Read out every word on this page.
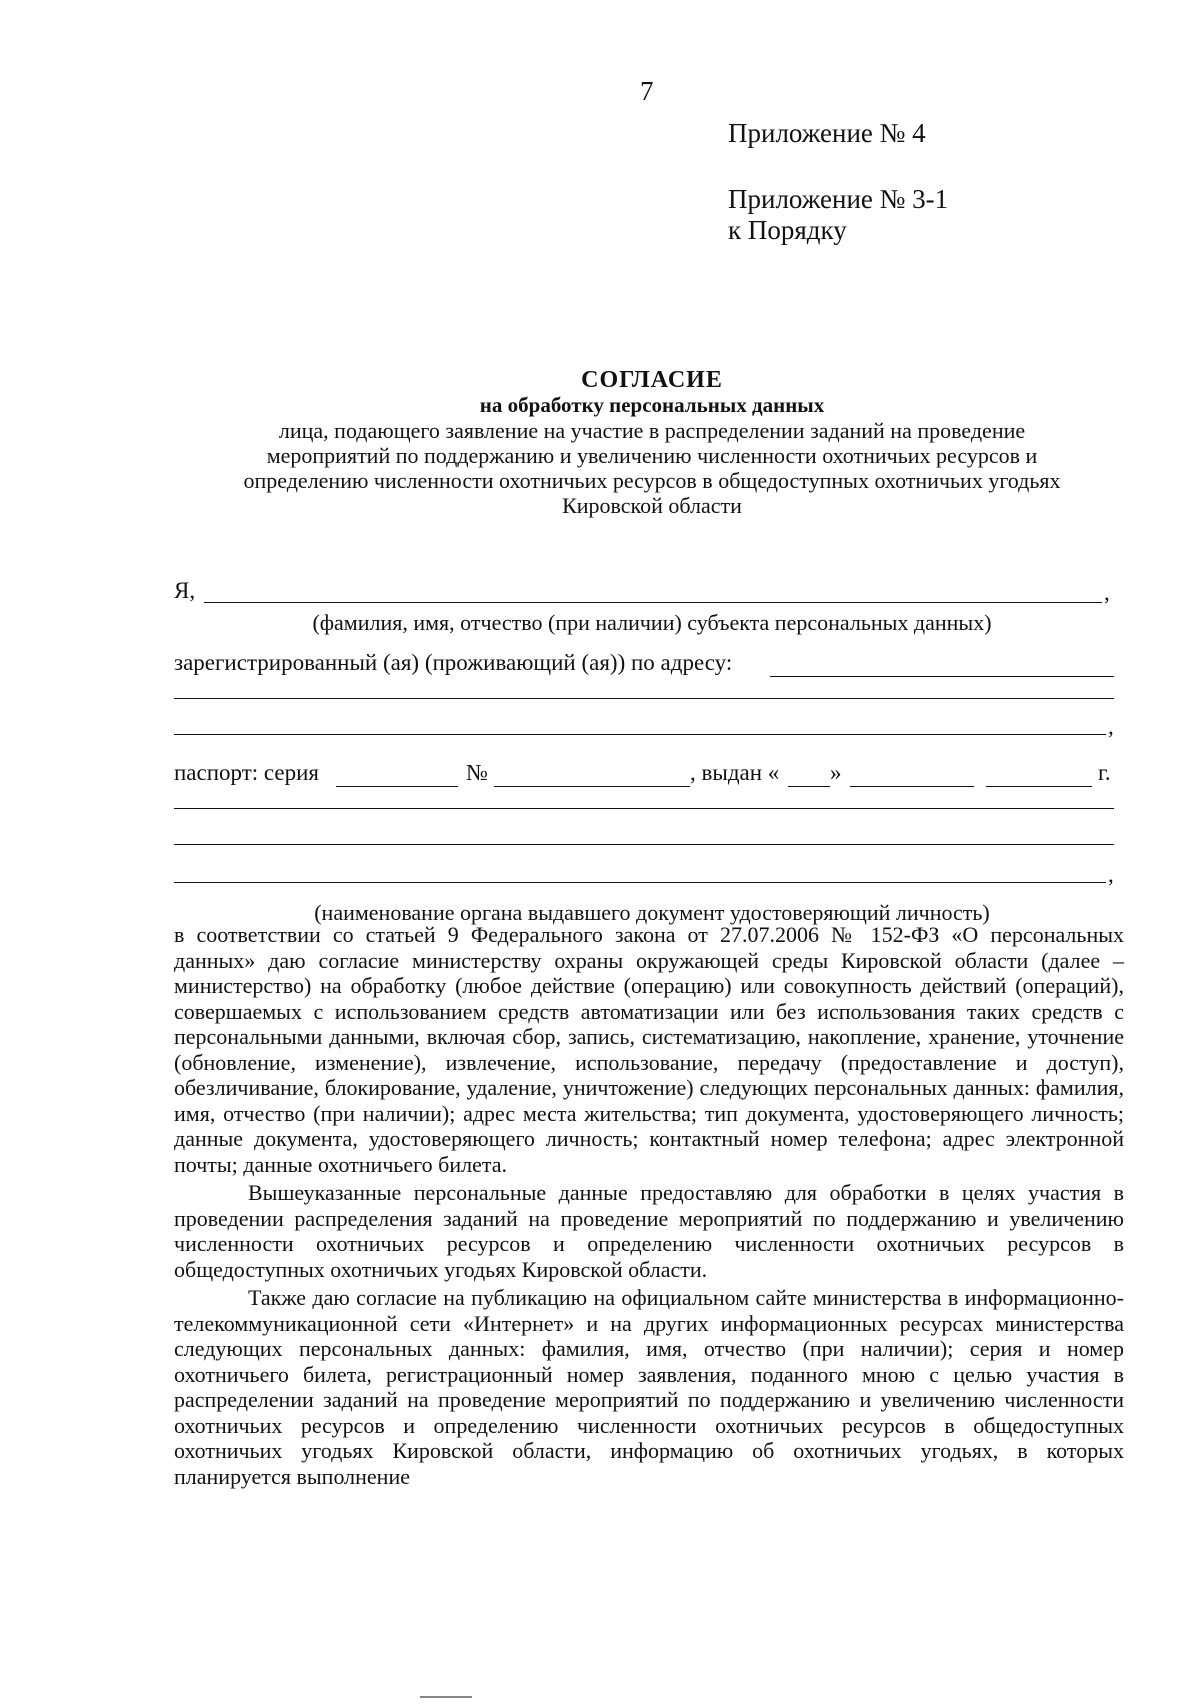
7
Приложение № 4
Приложение № 3-1
к Порядку
СОГЛАСИЕ
на обработку персональных данных
лица, подающего заявление на участие в распределении заданий на проведение
мероприятий по поддержанию и увеличению численности охотничьих ресурсов и
определению численности охотничьих ресурсов в общедоступных охотничьих угодьях
Кировской области
Я,	,
(фамилия, имя, отчество (при наличии) субъекта персональных данных)
зарегистрированный (ая) (проживающий (ая)) по адресу:
,
паспорт: серия	№	, выдан « »	г.
,
(наименование органа выдавшего документ удостоверяющий личность)

в соответствии со статьей 9 Федерального закона от 27.07.2006 № 152-ФЗ «О персональных данных» даю согласие министерству охраны окружающей среды Кировской области (далее – министерство) на обработку (любое действие (операцию) или совокупность действий (операций), совершаемых с использованием средств автоматизации или без использования таких средств с персональными данными, включая сбор, запись, систематизацию, накопление, хранение, уточнение (обновление, изменение), извлечение, использование, передачу (предоставление и доступ), обезличивание, блокирование, удаление, уничтожение) следующих персональных данных: фамилия, имя, отчество (при наличии); адрес места жительства; тип документа, удостоверяющего личность; данные документа, удостоверяющего личность; контактный номер телефона; адрес электронной почты; данные охотничьего билета.

Вышеуказанные персональные данные предоставляю для обработки в целях участия в проведении распределения заданий на проведение мероприятий по поддержанию и увеличению численности охотничьих ресурсов и определению численности охотничьих ресурсов в общедоступных охотничьих угодьях Кировской области.

Также даю согласие на публикацию на официальном сайте министерства в информационно-телекоммуникационной сети «Интернет» и на других информационных ресурсах министерства следующих персональных данных: фамилия, имя, отчество (при наличии); серия и номер охотничьего билета, регистрационный номер заявления, поданного мною с целью участия в распределении заданий на проведение мероприятий по поддержанию и увеличению численности охотничьих ресурсов и определению численности охотничьих ресурсов в общедоступных охотничьих угодьях Кировской области, информацию об охотничьих угодьях, в которых планируется выполнение
